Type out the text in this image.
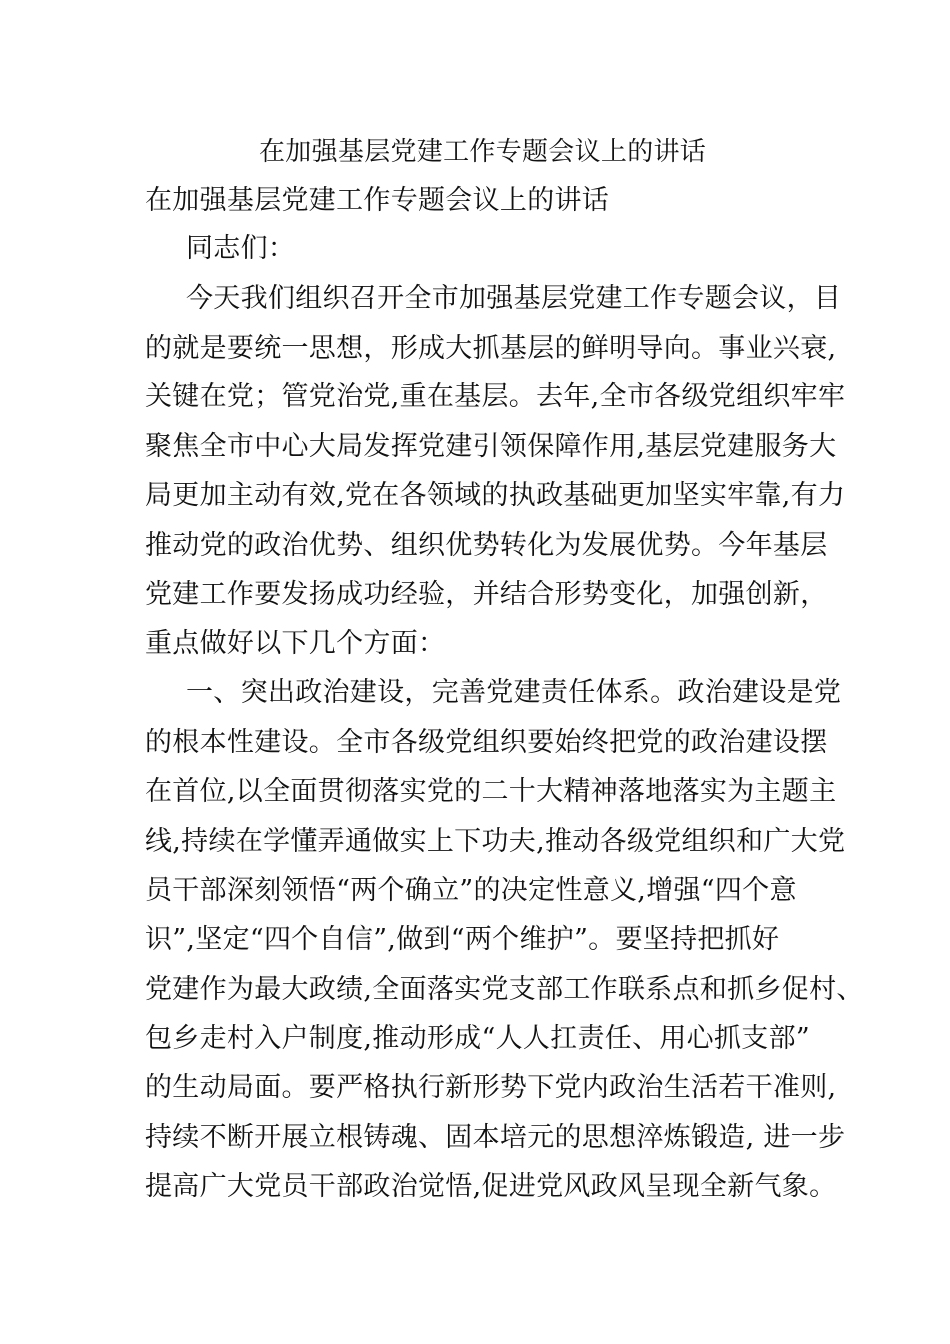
在加强基层党建工作专题会议上的讲话
在加强基层党建工作专题会议上的讲话
同志们：
今天我们组织召开全市加强基层党建工作专题会议，目
的就是要统一思想，形成大抓基层的鲜明导向。事业兴衰,
关键在党；管党治党,重在基层。去年,全市各级党组织牢牢
聚焦全市中心大局发挥党建引领保障作用,基层党建服务大
局更加主动有效,党在各领域的执政基础更加坚实牢靠,有力
推动党的政治优势、组织优势转化为发展优势。今年基层
党建工作要发扬成功经验，并结合形势变化，加强创新，
重点做好以下几个方面：
一、突出政治建设，完善党建责任体系。政治建设是党
的根本性建设。全市各级党组织要始终把党的政治建设摆
在首位,以全面贯彻落实党的二十大精神落地落实为主题主
线,持续在学懂弄通做实上下功夫,推动各级党组织和广大党
员干部深刻领悟“两个确立”的决定性意义,增强“四个意
识”,坚定“四个自信”,做到“两个维护”。要坚持把抓好
党建作为最大政绩,全面落实党支部工作联系点和抓乡促村、
包乡走村入户制度,推动形成“人人扛责任、用心抓支部”
的生动局面。要严格执行新形势下党内政治生活若干准则,
持续不断开展立根铸魂、固本培元的思想淬炼锻造, 进一步
提高广大党员干部政治觉悟,促进党风政风呈现全新气象。
